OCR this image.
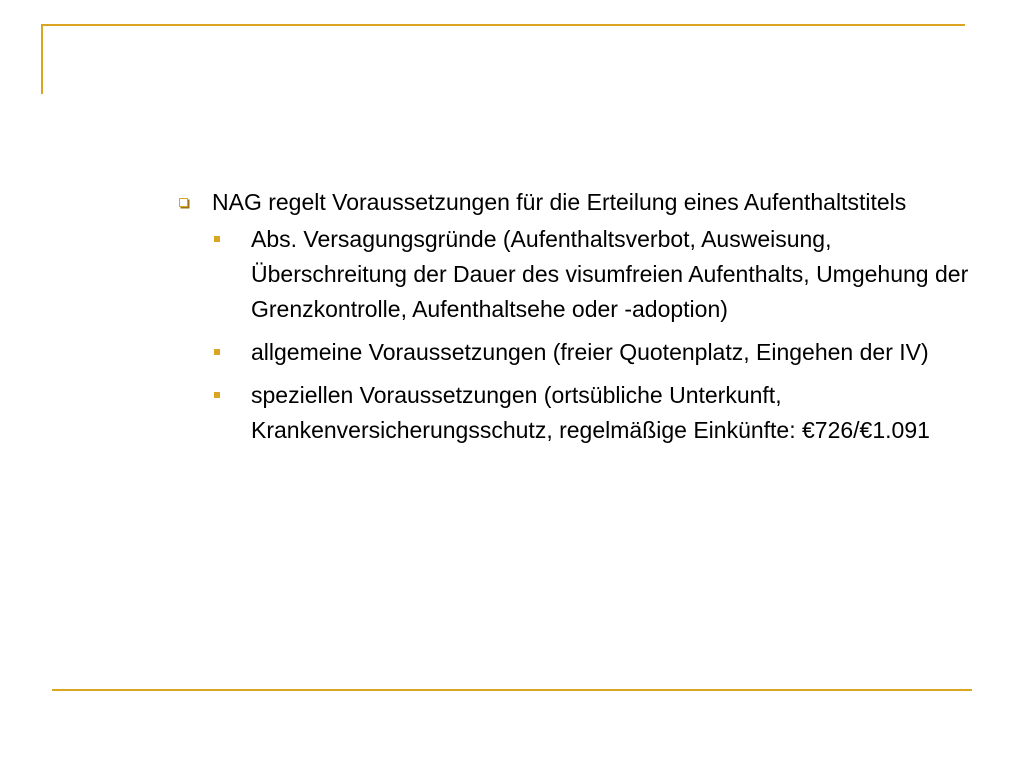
NAG regelt Voraussetzungen für die Erteilung eines Aufenthaltstitels
Abs. Versagungsgründe (Aufenthaltsverbot, Ausweisung, Überschreitung der Dauer des visumfreien Aufenthalts, Umgehung der Grenzkontrolle, Aufenthaltsehe oder -adoption)
allgemeine Voraussetzungen (freier Quotenplatz, Eingehen der IV)
speziellen Voraussetzungen (ortsübliche Unterkunft, Krankenversicherungsschutz, regelmäßige Einkünfte: €726/€1.091
